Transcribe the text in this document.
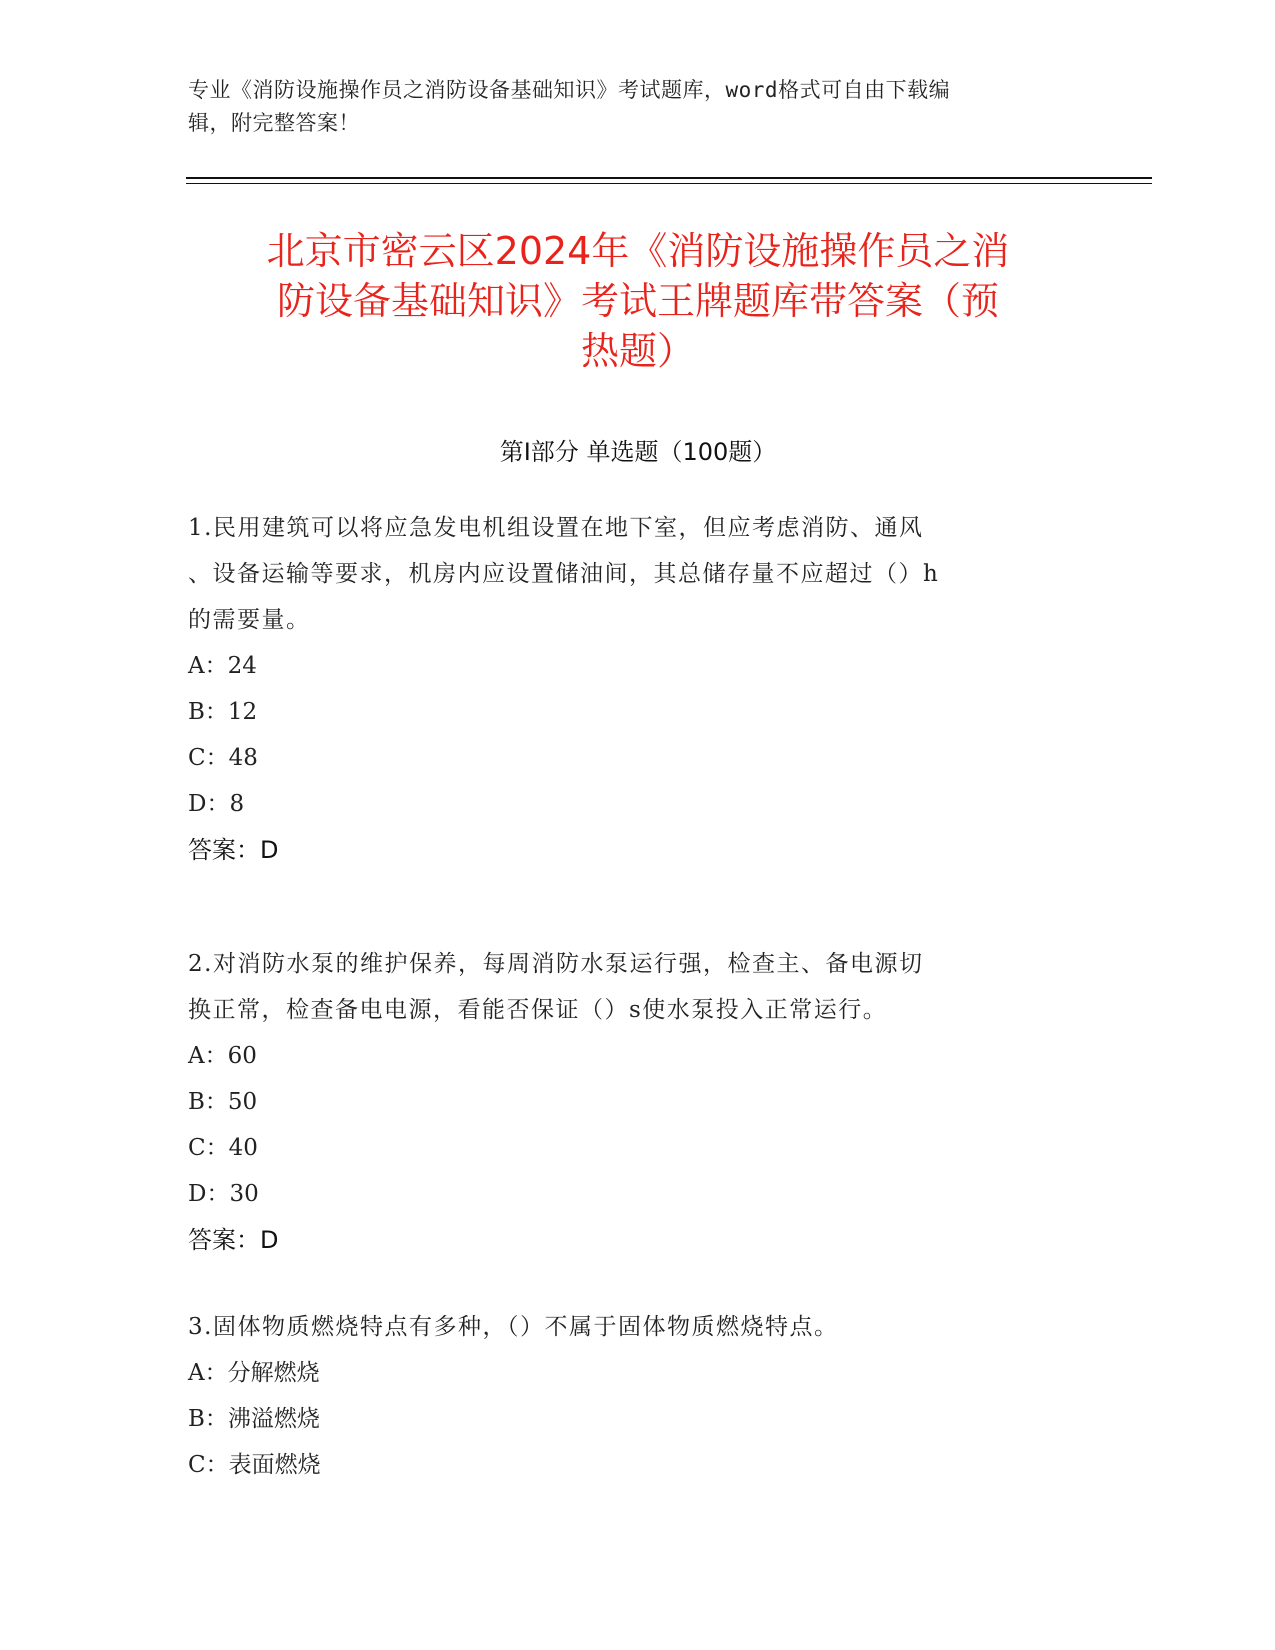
专业《消防设施操作员之消防设备基础知识》考试题库，word格式可自由下载编
辑，附完整答案！
北京市密云区2024年《消防设施操作员之消
防设备基础知识》考试王牌题库带答案（预
热题）
第Ⅰ部分 单选题（100题）
1.民用建筑可以将应急发电机组设置在地下室，但应考虑消防、通风
、设备运输等要求，机房内应设置储油间，其总储存量不应超过（）h
的需要量。
A：24
B：12
C：48
D：8
答案：D
2.对消防水泵的维护保养，每周消防水泵运行强，检查主、备电源切
换正常，检查备电电源，看能否保证（）s使水泵投入正常运行。
A：60
B：50
C：40
D：30
答案：D
3.固体物质燃烧特点有多种，（）不属于固体物质燃烧特点。
A：分解燃烧
B：沸溢燃烧
C：表面燃烧
